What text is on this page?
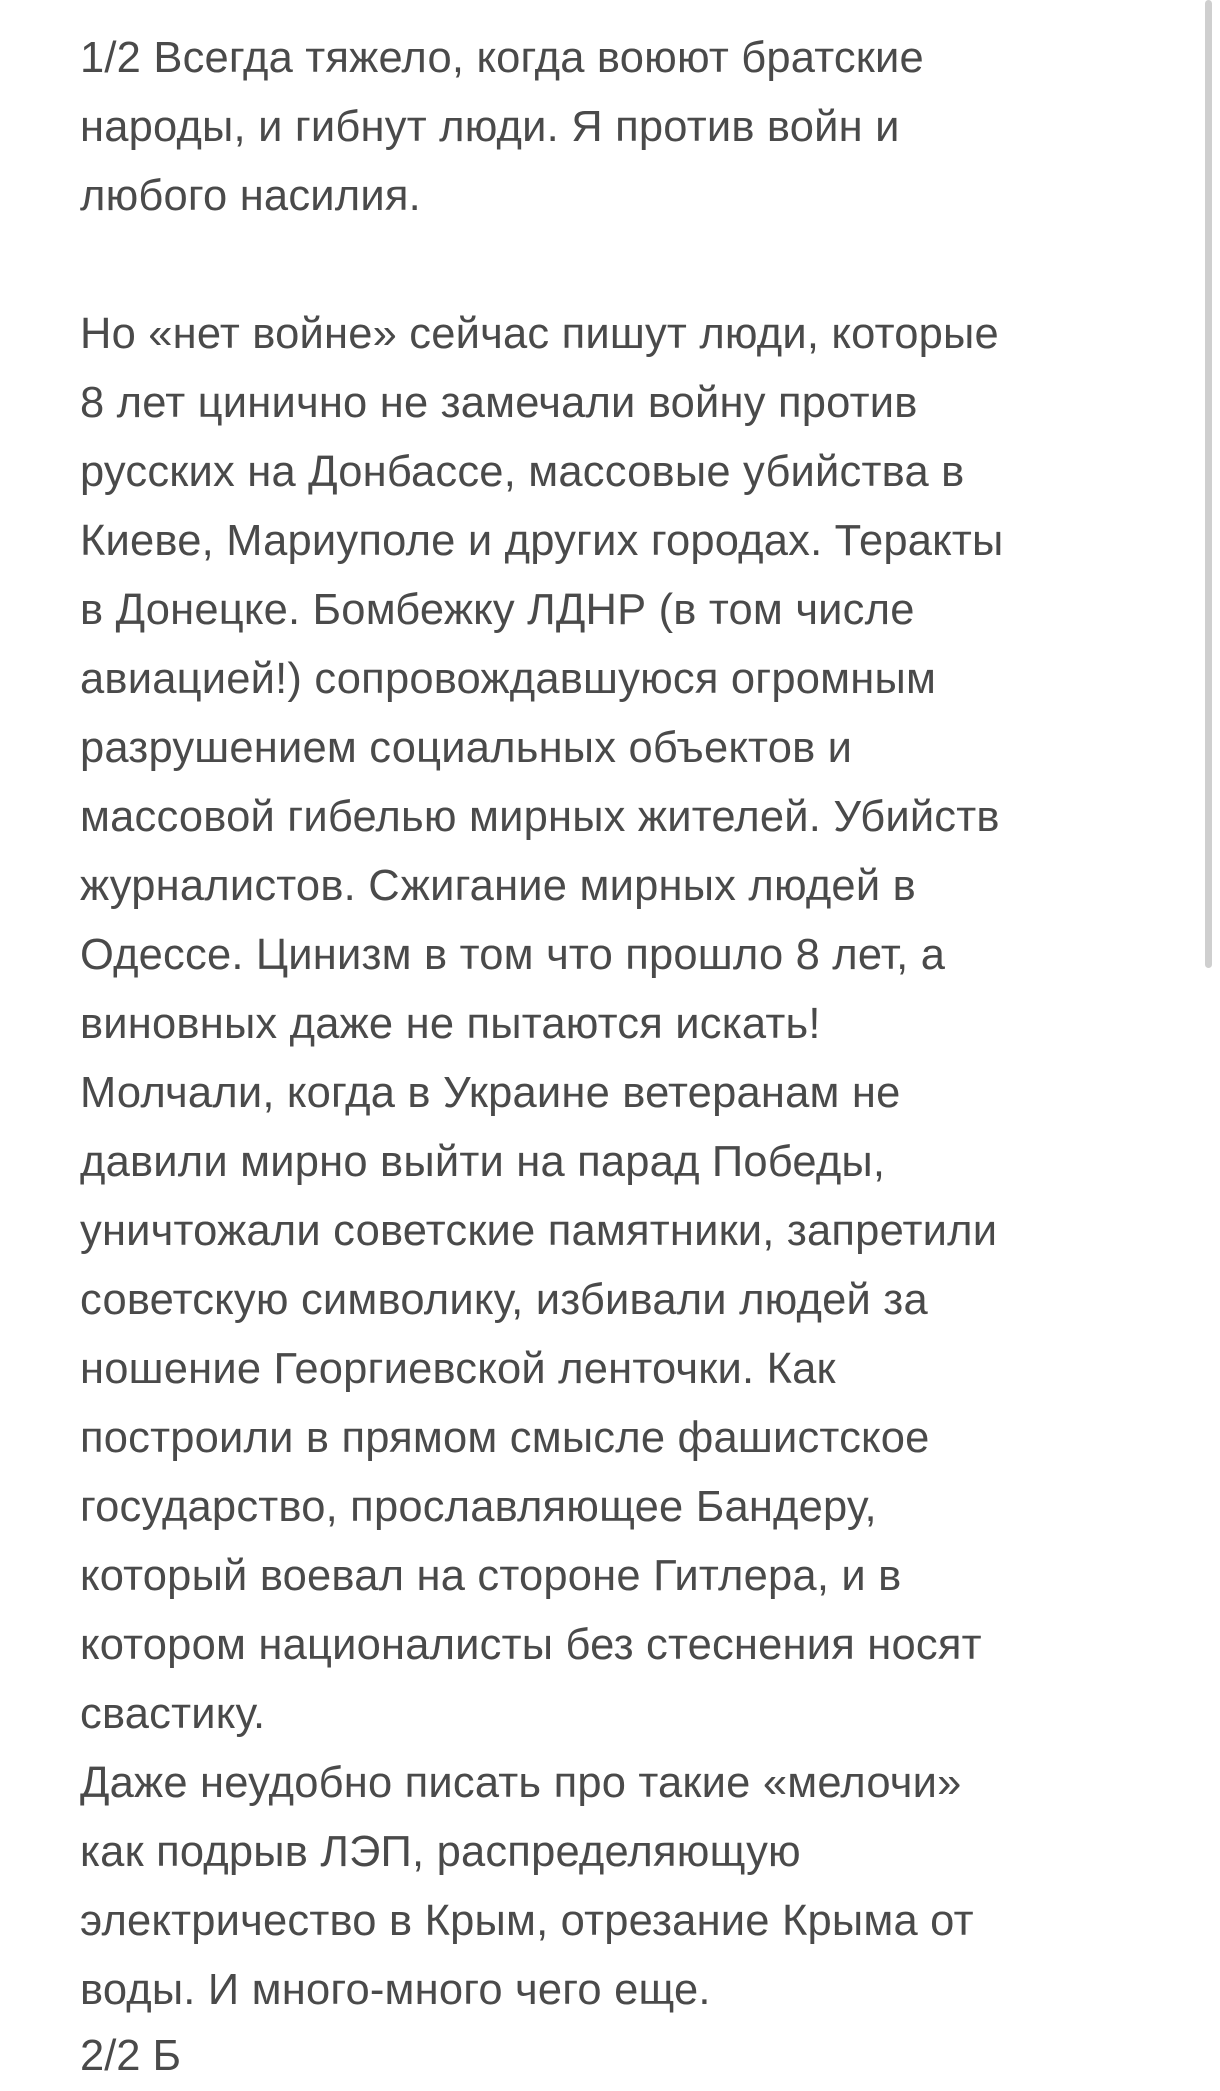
1/2 Всегда тяжело, когда воюют братские
народы, и гибнут люди. Я против войн и
любого насилия.
Но «нет войне» сейчас пишут люди, которые
8 лет цинично не замечали войну против
русских на Донбассе, массовые убийства в
Киеве, Мариуполе и других городах. Теракты
в Донецке. Бомбежку ЛДНР (в том числе
авиацией!) сопровождавшуюся огромным
разрушением социальных объектов и
массовой гибелью мирных жителей. Убийств
журналистов. Сжигание мирных людей в
Одессе. Цинизм в том что прошло 8 лет, а
виновных даже не пытаются искать!
Молчали, когда в Украине ветеранам не
давили мирно выйти на парад Победы,
уничтожали советские памятники, запретили
советскую символику, избивали людей за
ношение Георгиевской ленточки. Как
построили в прямом смысле фашистское
государство, прославляющее Бандеру,
который воевал на стороне Гитлера, и в
котором националисты без стеснения носят
свастику.
Даже неудобно писать про такие «мелочи»
как подрыв ЛЭП, распределяющую
электричество в Крым, отрезание Крыма от
воды. И много-много чего еще.
2/2 Б
